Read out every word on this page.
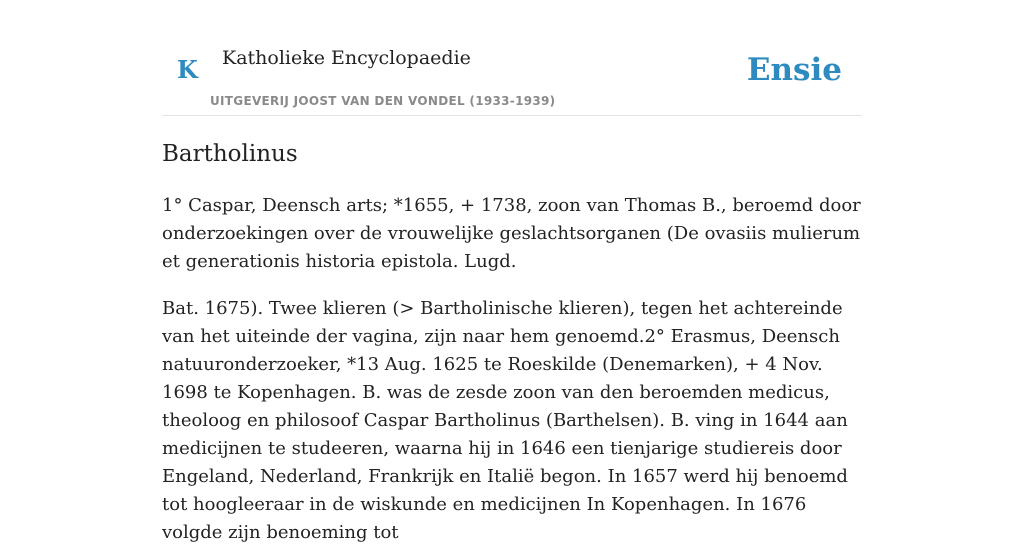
K Katholieke Encyclopaedie
UITGEVERIJ JOOST VAN DEN VONDEL (1933-1939)
Ensie
Bartholinus

1° Caspar, Deensch arts; *1655, + 1738, zoon van Thomas B., beroemd door onderzoekingen over de vrouwelijke geslachtsorganen (De ovasiis mulierum et generationis historia epistola. Lugd.

Bat. 1675). Twee klieren (> Bartholinische klieren), tegen het achtereinde van het uiteinde der vagina, zijn naar hem genoemd.2° Erasmus, Deensch natuuronderzoeker, *13 Aug. 1625 te Roeskilde (Denemarken), + 4 Nov. 1698 te Kopenhagen. B. was de zesde zoon van den beroemden medicus, theoloog en philosoof Caspar Bartholinus (Barthelsen). B. ving in 1644 aan medicijnen te studeeren, waarna hij in 1646 een tienjarige studiereis door Engeland, Nederland, Frankrijk en Italië begon. In 1657 werd hij benoemd tot hoogleeraar in de wiskunde en medicijnen In Kopenhagen. In 1676 volgde zijn benoeming tot
